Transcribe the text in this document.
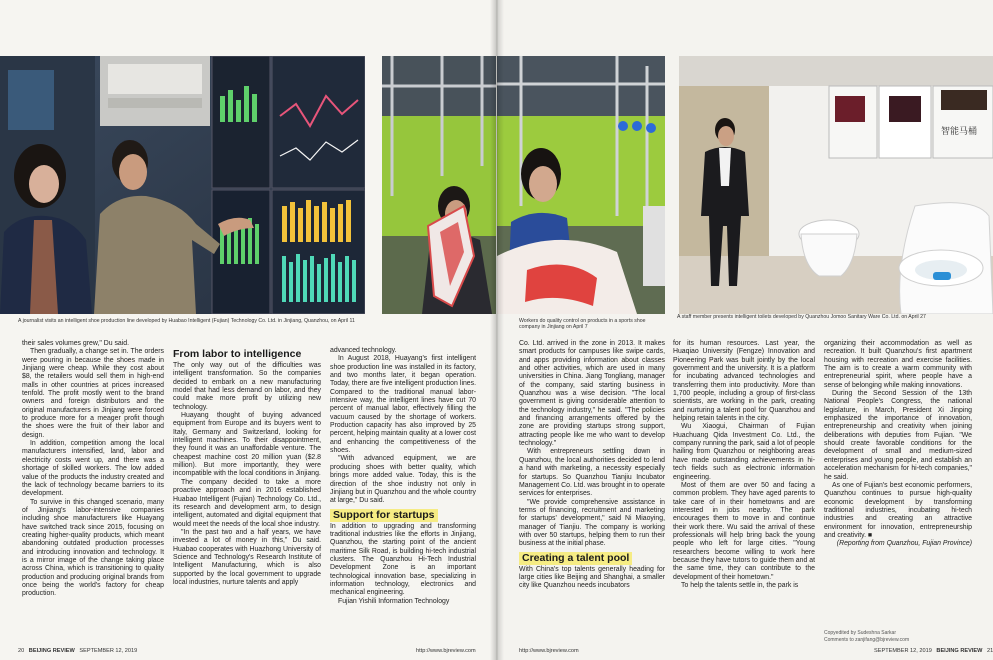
A journalist visits an intelligent shoe production line developed by Huabao Intelligent (Fujian) Technology Co. Ltd. in Jinjiang, Quanzhou, on April 11

their sales volumes grew," Du said.

Then gradually, a change set in. The orders were pouring in because the shoes made in Jinjiang were cheap. While they cost about $8, the retailers would sell them in high-end malls in other countries at prices increased tenfold. The profit mostly went to the brand owners and foreign distributors and the original manufacturers in Jinjiang were forced to produce more for a meager profit though the shoes were the fruit of their labor and design.

In addition, competition among the local manufacturers intensified, land, labor and electricity costs went up, and there was a shortage of skilled workers. The low added value of the products the industry created and the lack of technology became barriers to its development.

To survive in this changed scenario, many of Jinjiang's labor-intensive companies including shoe manufacturers like Huayang have switched track since 2015, focusing on creating higher-quality products, which meant abandoning outdated production processes and introducing innovation and technology. It is a mirror image of the change taking place across China, which is transitioning to quality production and producing original brands from once being the world's factory for cheap production.

From labor to intelligence

The only way out of the difficulties was intelligent transformation. So the companies decided to embark on a new manufacturing model that had less demand on labor, and they could make more profit by utilizing new technology.

Huayang thought of buying advanced equipment from Europe and its buyers went to Italy, Germany and Switzerland, looking for intelligent machines. To their disappointment, they found it was an unaffordable venture. The cheapest machine cost 20 million yuan ($2.8 million). But more importantly, they were incompatible with the local conditions in Jinjiang.

The company decided to take a more proactive approach and in 2016 established Huabao Intelligent (Fujian) Technology Co. Ltd., its research and development arm, to design intelligent, automated and digital equipment that would meet the needs of the local shoe industry.

"In the past two and a half years, we have invested a lot of money in this," Du said. Huabao cooperates with Huazhong University of Science and Technology's Research Institute of Intelligent Manufacturing, which is also supported by the local government to upgrade local industries, nurture talents and apply

advanced technology.

In August 2018, Huayang's first intelligent shoe production line was installed in its factory, and two months later, it began operation. Today, there are five intelligent production lines. Compared to the traditional manual labor-intensive way, the intelligent lines have cut 70 percent of manual labor, effectively filling the vacuum caused by the shortage of workers. Production capacity has also improved by 25 percent, helping maintain quality at a lower cost and enhancing the competitiveness of the shoes.

"With advanced equipment, we are producing shoes with better quality, which brings more added value. Today, this is the direction of the shoe industry not only in Jinjiang but in Quanzhou and the whole country at large," Du said.

Support for startups

In addition to upgrading and transforming traditional industries like the efforts in Jinjiang, Quanzhou, the starting point of the ancient maritime Silk Road, is building hi-tech industrial clusters. The Quanzhou Hi-Tech Industrial Development Zone is an important technological innovation base, specializing in information technology, electronics and mechanical engineering.

Fujian Yishili Information Technology

20 BEIJING REVIEW SEPTEMBER 12, 2019	http://www.bjreview.com
Workers do quality control on products in a sports shoe company in Jinjiang on April 7
智能马桶
A staff member presents intelligent toilets developed by Quanzhou Jomoo Sanitary Ware Co. Ltd. on April 27

Co. Ltd. arrived in the zone in 2013. It makes smart products for campuses like swipe cards, and apps providing information about classes and other activities, which are used in many universities in China. Jiang Tongliang, manager of the company, said starting business in Quanzhou was a wise decision. "The local government is giving considerable attention to the technology industry," he said. "The policies and financing arrangements offered by the zone are providing startups strong support, attracting people like me who want to develop technology."

With entrepreneurs settling down in Quanzhou, the local authorities decided to lend a hand with marketing, a necessity especially for startups. So Quanzhou Tianjiu Incubator Management Co. Ltd. was brought in to operate services for enterprises.

"We provide comprehensive assistance in terms of financing, recruitment and marketing for startups' development," said Ni Miaoying, manager of Tianjiu. The company is working with over 50 startups, helping them to run their business at the initial phase.

Creating a talent pool

With China's top talents generally heading for large cities like Beijing and Shanghai, a smaller city like Quanzhou needs incubators

for its human resources. Last year, the Huaqiao University (Fengze) Innovation and Pioneering Park was built jointly by the local government and the university. It is a platform for incubating advanced technologies and transferring them into productivity. More than 1,700 people, including a group of first-class scientists, are working in the park, creating and nurturing a talent pool for Quanzhou and helping retain talents in the city.

Wu Xiaogui, Chairman of Fujian Huachuang Qida Investment Co. Ltd., the company running the park, said a lot of people hailing from Quanzhou or neighboring areas have made outstanding achievements in hi-tech fields such as electronic information engineering.

Most of them are over 50 and facing a common problem. They have aged parents to take care of in their hometowns and are interested in jobs nearby. The park encourages them to move in and continue their work there. Wu said the arrival of these professionals will help bring back the young people who left for large cities. "Young researchers become willing to work here because they have tutors to guide them and at the same time, they can contribute to the development of their hometown."

To help the talents settle in, the park is

organizing their accommodation as well as recreation. It built Quanzhou's first apartment housing with recreation and exercise facilities. The aim is to create a warm community with entrepreneurial spirit, where people have a sense of belonging while making innovations.

During the Second Session of the 13th National People's Congress, the national legislature, in March, President Xi Jinping emphasized the importance of innovation, entrepreneurship and creativity when joining deliberations with deputies from Fujian. "We should create favorable conditions for the development of small and medium-sized enterprises and young people, and establish an acceleration mechanism for hi-tech companies," he said.

As one of Fujian's best economic performers, Quanzhou continues to pursue high-quality economic development by transforming traditional industries, incubating hi-tech industries and creating an attractive environment for innovation, entrepreneurship and creativity. ■

(Reporting from Quanzhou, Fujian Province)

Copyedited by Sudeshna Sarkar
Comments to zanjifang@bjreview.com
http://www.bjreview.com	SEPTEMBER 12, 2019 BEIJING REVIEW 21
